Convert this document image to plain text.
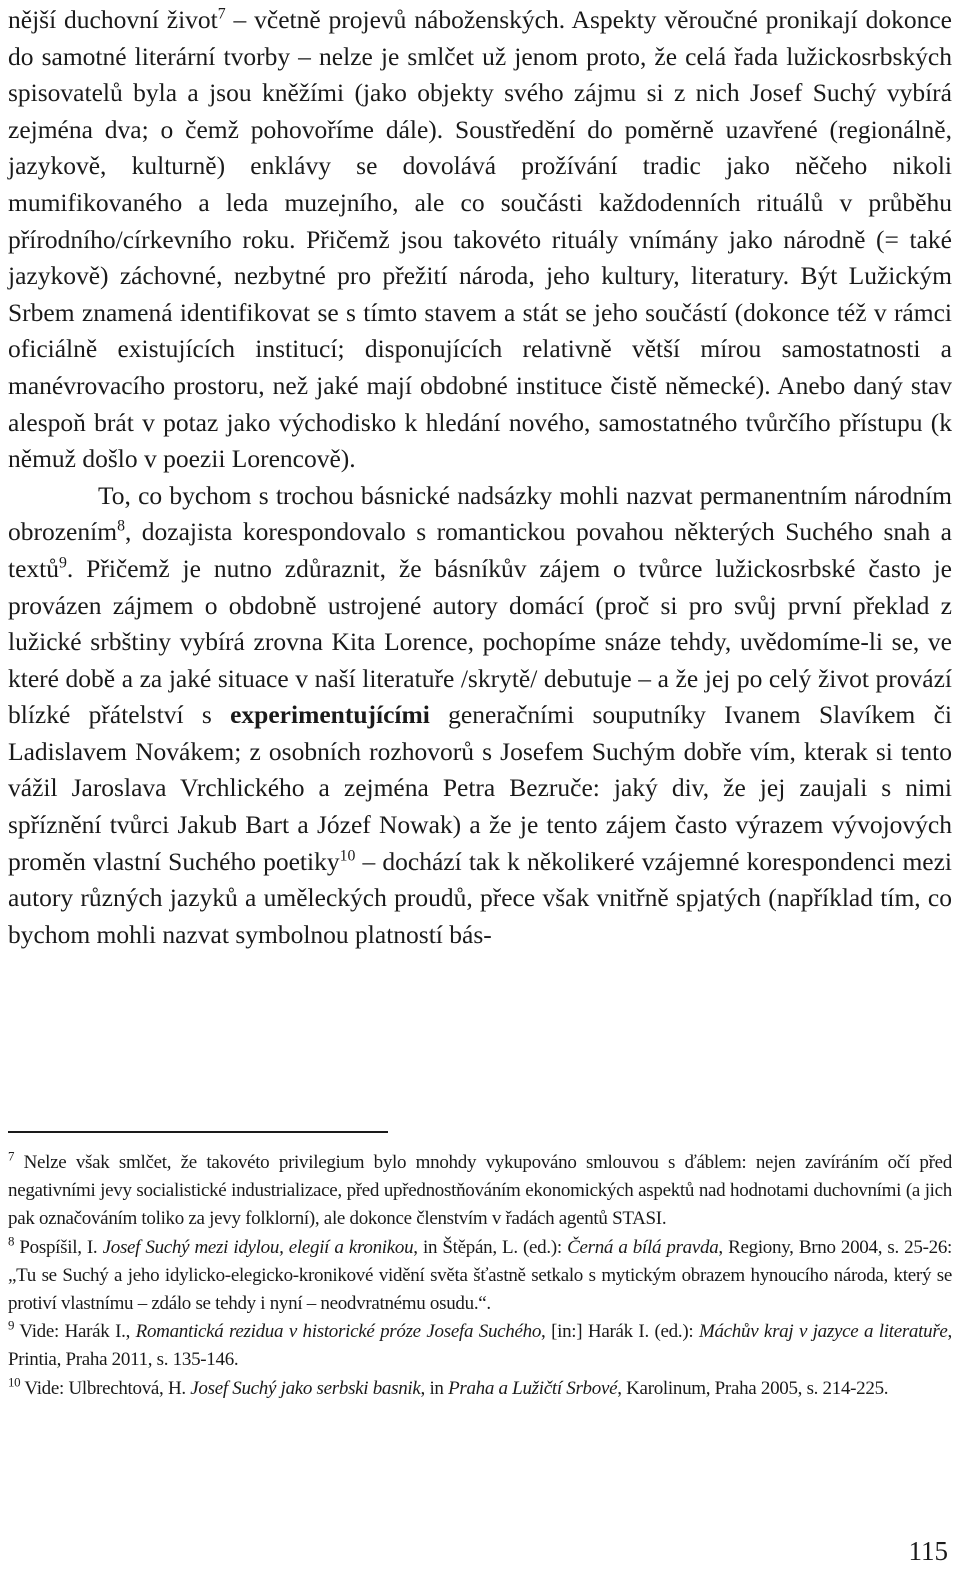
nější duchovní život$^7$ – včetně projevů náboženských. Aspekty věroučné pronikají dokonce do samotné literární tvorby – nelze je smlčet už jenom proto, že celá řada lužickosrbských spisovatelů byla a jsou kněžími (jako objekty svého zájmu si z nich Josef Suchý vybírá zejména dva; o čemž pohovoříme dále). Soustředění do poměrně uzavřené (regionálně, jazykově, kulturně) enklávy se dovolává prožívání tradic jako něčeho nikoli mumifikovaného a leda muzejního, ale co součásti každodenních rituálů v průběhu přírodního/církevního roku. Přičemž jsou takovéto rituály vnímány jako národně (= také jazykově) záchovné, nezbytné pro přežití národa, jeho kultury, literatury. Být Lužickým Srbem znamená identifikovat se s tímto stavem a stát se jeho součástí (dokonce též v rámci oficiálně existujících institucí; disponujících relativně větší mírou samostatnosti a manévrovacího prostoru, než jaké mají obdobné instituce čistě německé). Anebo daný stav alespoň brát v potaz jako východisko k hledání nového, samostatného tvůrčího přístupu (k němuž došlo v poezii Lorencově).

To, co bychom s trochou básnické nadsázky mohli nazvat permanentním národním obrozením$^8$, dozajista korespondovalo s romantickou povahou některých Suchého snah a textů$^9$. Přičemž je nutno zdůraznit, že básníkův zájem o tvůrce lužickosrbské často je provázen zájmem o obdobně ustrojené autory domácí (proč si pro svůj první překlad z lužické srbštiny vybírá zrovna Kita Lorence, pochopíme snáze tehdy, uvědomíme-li se, ve které době a za jaké situace v naší literatuře /skrytě/ debutuje – a že jej po celý život provází blízké přátelství s experimentujícími generačními souputníky Ivanem Slavíkem či Ladislavem Novákem; z osobních rozhovorů s Josefem Suchým dobře vím, kterak si tento vážil Jaroslava Vrchlického a zejména Petra Bezruče: jaký div, že jej zaujali s nimi spříznění tvůrci Jakub Bart a Józef Nowak) a že je tento zájem často výrazem vývojových proměn vlastní Suchého poetiky$^{10}$ – dochází tak k několikeré vzájemné korespondenci mezi autory různých jazyků a uměleckých proudů, přece však vnitřně spjatých (například tím, co bychom mohli nazvat symbolnou platností bás-

$^7$ Nelze však smlčet, že takovéto privilegium bylo mnohdy vykupováno smlouvou s ďáblem: nejen zavíráním očí před negativními jevy socialistické industrializace, před upřednostňováním ekonomických aspektů nad hodnotami duchovními (a jich pak označováním toliko za jevy folklorní), ale dokonce členstvím v řadách agentů STASI.

$^8$ Pospíšil, I. Josef Suchý mezi idylou, elegií a kronikou, in Štěpán, L. (ed.): Černá a bílá pravda, Regiony, Brno 2004, s. 25-26: „Tu se Suchý a jeho idylicko-elegicko-kronikové vidění světa šťastně setkalo s mytickým obrazem hynoucího národa, který se protiví vlastnímu – zdálo se tehdy i nyní – neodvratnému osudu.“.

$^9$ Vide: Harák I., Romantická rezidua v historické próze Josefa Suchého, [in:] Harák I. (ed.): Máchův kraj v jazyce a literatuře, Printia, Praha 2011, s. 135-146.

$^{10}$ Vide: Ulbrechtová, H. Josef Suchý jako serbski basnik, in Praha a Lužičtí Srbové, Karolinum, Praha 2005, s. 214-225.

115
